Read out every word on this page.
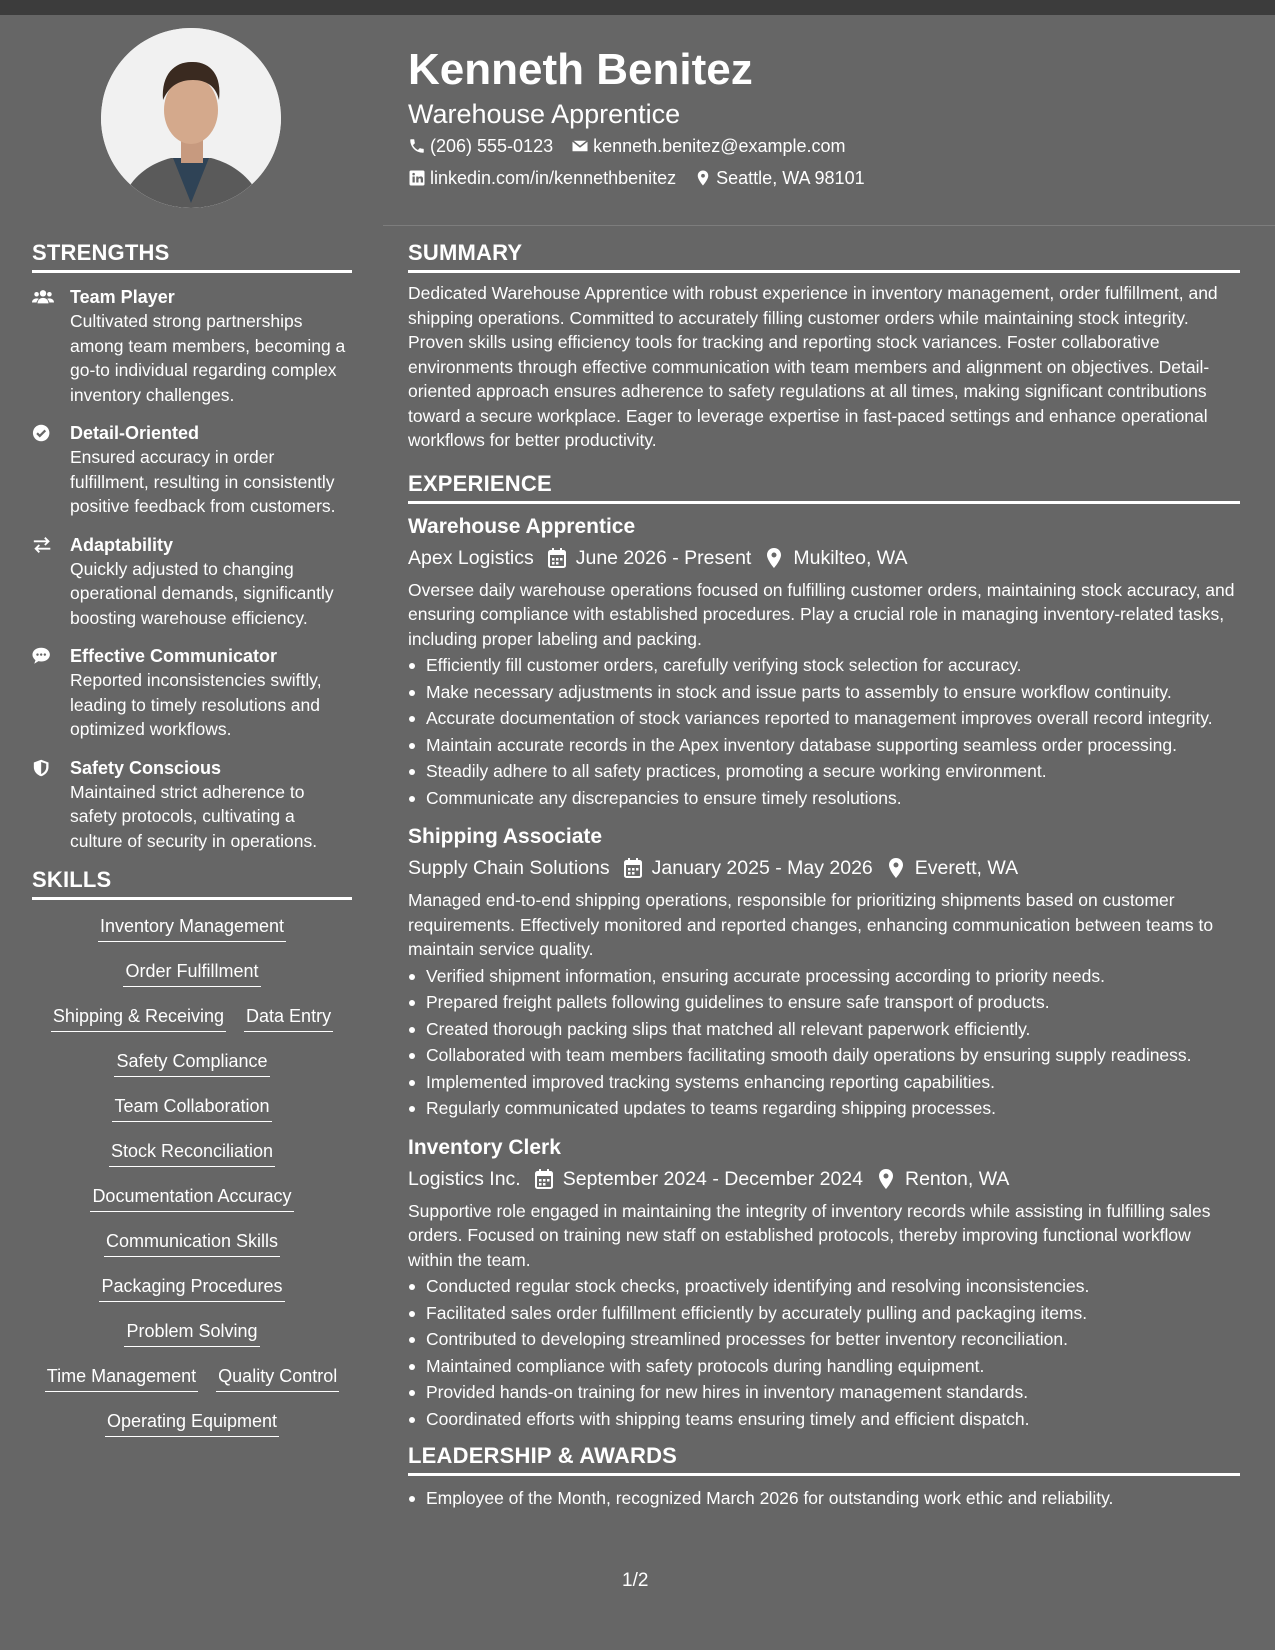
Kenneth Benitez
Warehouse Apprentice
(206) 555-0123 kenneth.benitez@example.com
linkedin.com/in/kennethbenitez Seattle, WA 98101
STRENGTHS
Team Player
Cultivated strong partnerships among team members, becoming a go-to individual regarding complex inventory challenges.
Detail-Oriented
Ensured accuracy in order fulfillment, resulting in consistently positive feedback from customers.
Adaptability
Quickly adjusted to changing operational demands, significantly boosting warehouse efficiency.
Effective Communicator
Reported inconsistencies swiftly, leading to timely resolutions and optimized workflows.
Safety Conscious
Maintained strict adherence to safety protocols, cultivating a culture of security in operations.
SKILLS
Inventory Management
Order Fulfillment
Shipping & Receiving Data Entry
Safety Compliance
Team Collaboration
Stock Reconciliation
Documentation Accuracy
Communication Skills
Packaging Procedures
Problem Solving
Time Management Quality Control
Operating Equipment
SUMMARY
Dedicated Warehouse Apprentice with robust experience in inventory management, order fulfillment, and shipping operations. Committed to accurately filling customer orders while maintaining stock integrity. Proven skills using efficiency tools for tracking and reporting stock variances. Foster collaborative environments through effective communication with team members and alignment on objectives. Detail-oriented approach ensures adherence to safety regulations at all times, making significant contributions toward a secure workplace. Eager to leverage expertise in fast-paced settings and enhance operational workflows for better productivity.
EXPERIENCE
Warehouse Apprentice
Apex Logistics June 2026 - Present Mukilteo, WA
Oversee daily warehouse operations focused on fulfilling customer orders, maintaining stock accuracy, and ensuring compliance with established procedures. Play a crucial role in managing inventory-related tasks, including proper labeling and packing.
Efficiently fill customer orders, carefully verifying stock selection for accuracy.
Make necessary adjustments in stock and issue parts to assembly to ensure workflow continuity.
Accurate documentation of stock variances reported to management improves overall record integrity.
Maintain accurate records in the Apex inventory database supporting seamless order processing.
Steadily adhere to all safety practices, promoting a secure working environment.
Communicate any discrepancies to ensure timely resolutions.
Shipping Associate
Supply Chain Solutions January 2025 - May 2026 Everett, WA
Managed end-to-end shipping operations, responsible for prioritizing shipments based on customer requirements. Effectively monitored and reported changes, enhancing communication between teams to maintain service quality.
Verified shipment information, ensuring accurate processing according to priority needs.
Prepared freight pallets following guidelines to ensure safe transport of products.
Created thorough packing slips that matched all relevant paperwork efficiently.
Collaborated with team members facilitating smooth daily operations by ensuring supply readiness.
Implemented improved tracking systems enhancing reporting capabilities.
Regularly communicated updates to teams regarding shipping processes.
Inventory Clerk
Logistics Inc. September 2024 - December 2024 Renton, WA
Supportive role engaged in maintaining the integrity of inventory records while assisting in fulfilling sales orders. Focused on training new staff on established protocols, thereby improving functional workflow within the team.
Conducted regular stock checks, proactively identifying and resolving inconsistencies.
Facilitated sales order fulfillment efficiently by accurately pulling and packaging items.
Contributed to developing streamlined processes for better inventory reconciliation.
Maintained compliance with safety protocols during handling equipment.
Provided hands-on training for new hires in inventory management standards.
Coordinated efforts with shipping teams ensuring timely and efficient dispatch.
LEADERSHIP & AWARDS
Employee of the Month, recognized March 2026 for outstanding work ethic and reliability.
1/2
